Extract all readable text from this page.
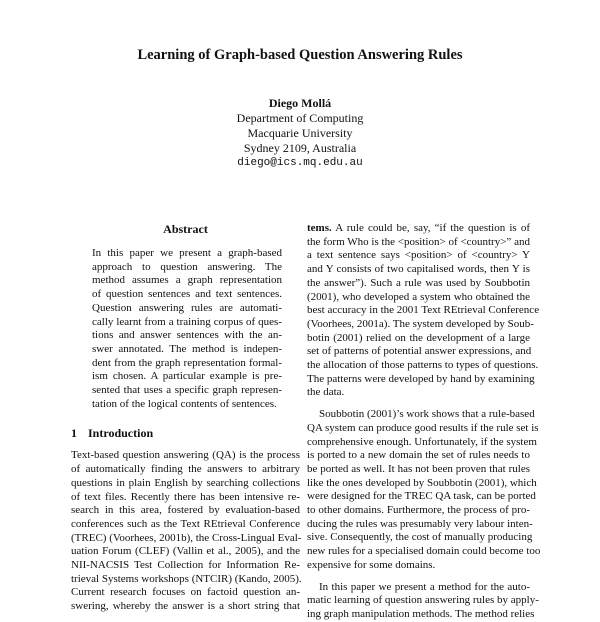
Learning of Graph-based Question Answering Rules
Diego Mollá
Department of Computing
Macquarie University
Sydney 2109, Australia
diego@ics.mq.edu.au
Abstract
In this paper we present a graph-based
approach to question answering. The
method assumes a graph representation
of question sentences and text sentences.
Question answering rules are automati-
cally learnt from a training corpus of ques-
tions and answer sentences with the an-
swer annotated. The method is indepen-
dent from the graph representation formal-
ism chosen. A particular example is pre-
sented that uses a specific graph represen-
tation of the logical contents of sentences.
1 Introduction
Text-based question answering (QA) is the process
of automatically finding the answers to arbitrary
questions in plain English by searching collections
of text files. Recently there has been intensive re-
search in this area, fostered by evaluation-based
conferences such as the Text REtrieval Conference
(TREC) (Voorhees, 2001b), the Cross-Lingual Eval-
uation Forum (CLEF) (Vallin et al., 2005), and the
NII-NACSIS Test Collection for Information Re-
trieval Systems workshops (NTCIR) (Kando, 2005).
Current research focuses on factoid question an-
swering, whereby the answer is a short string that
tems. A rule could be, say, “if the question is of
the form Who is the <position> of <country>” and
a text sentence says <position> of <country> Y
and Y consists of two capitalised words, then Y is
the answer”). Such a rule was used by Soubbotin
(2001), who developed a system who obtained the
best accuracy in the 2001 Text REtrieval Conference
(Voorhees, 2001a). The system developed by Soub-
botin (2001) relied on the development of a large
set of patterns of potential answer expressions, and
the allocation of those patterns to types of questions.
The patterns were developed by hand by examining
the data.
Soubbotin (2001)’s work shows that a rule-based
QA system can produce good results if the rule set is
comprehensive enough. Unfortunately, if the system
is ported to a new domain the set of rules needs to
be ported as well. It has not been proven that rules
like the ones developed by Soubbotin (2001), which
were designed for the TREC QA task, can be ported
to other domains. Furthermore, the process of pro-
ducing the rules was presumably very labour inten-
sive. Consequently, the cost of manually producing
new rules for a specialised domain could become too
expensive for some domains.
In this paper we present a method for the auto-
matic learning of question answering rules by apply-
ing graph manipulation methods. The method relies
